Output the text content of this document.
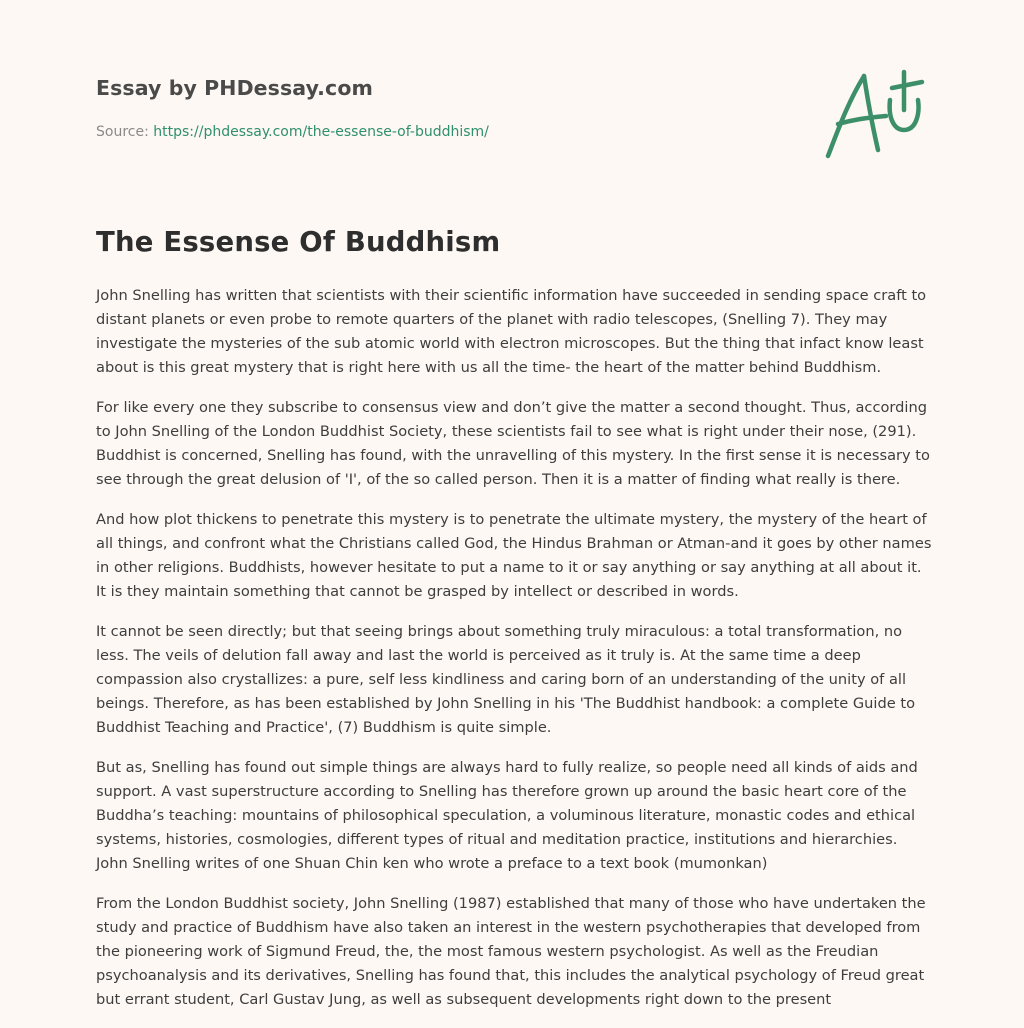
Essay by PHDessay.com
Source: https://phdessay.com/the-essense-of-buddhism/
The Essense Of Buddhism

John Snelling has written that scientists with their scientific information have succeeded in sending space craft to distant planets or even probe to remote quarters of the planet with radio telescopes, (Snelling 7). They may investigate the mysteries of the sub atomic world with electron microscopes. But the thing that infact know least about is this great mystery that is right here with us all the time- the heart of the matter behind Buddhism.

For like every one they subscribe to consensus view and don’t give the matter a second thought. Thus, according to John Snelling of the London Buddhist Society, these scientists fail to see what is right under their nose, (291). Buddhist is concerned, Snelling has found, with the unravelling of this mystery. In the first sense it is necessary to see through the great delusion of 'I', of the so called person. Then it is a matter of finding what really is there.

And how plot thickens to penetrate this mystery is to penetrate the ultimate mystery, the mystery of the heart of all things, and confront what the Christians called God, the Hindus Brahman or Atman-and it goes by other names in other religions. Buddhists, however hesitate to put a name to it or say anything or say anything at all about it. It is they maintain something that cannot be grasped by intellect or described in words.

It cannot be seen directly; but that seeing brings about something truly miraculous: a total transformation, no less. The veils of delution fall away and last the world is perceived as it truly is. At the same time a deep compassion also crystallizes: a pure, self less kindliness and caring born of an understanding of the unity of all beings. Therefore, as has been established by John Snelling in his 'The Buddhist handbook: a complete Guide to Buddhist Teaching and Practice', (7) Buddhism is quite simple.

But as, Snelling has found out simple things are always hard to fully realize, so people need all kinds of aids and support. A vast superstructure according to Snelling has therefore grown up around the basic heart core of the Buddha’s teaching: mountains of philosophical speculation, a voluminous literature, monastic codes and ethical systems, histories, cosmologies, different types of ritual and meditation practice, institutions and hierarchies. John Snelling writes of one Shuan Chin ken who wrote a preface to a text book (mumonkan)

From the London Buddhist society, John Snelling (1987) established that many of those who have undertaken the study and practice of Buddhism have also taken an interest in the western psychotherapies that developed from the pioneering work of Sigmund Freud, the, the most famous western psychologist. As well as the Freudian psychoanalysis and its derivatives, Snelling has found that, this includes the analytical psychology of Freud great but errant student, Carl Gustav Jung, as well as subsequent developments right down to the present
